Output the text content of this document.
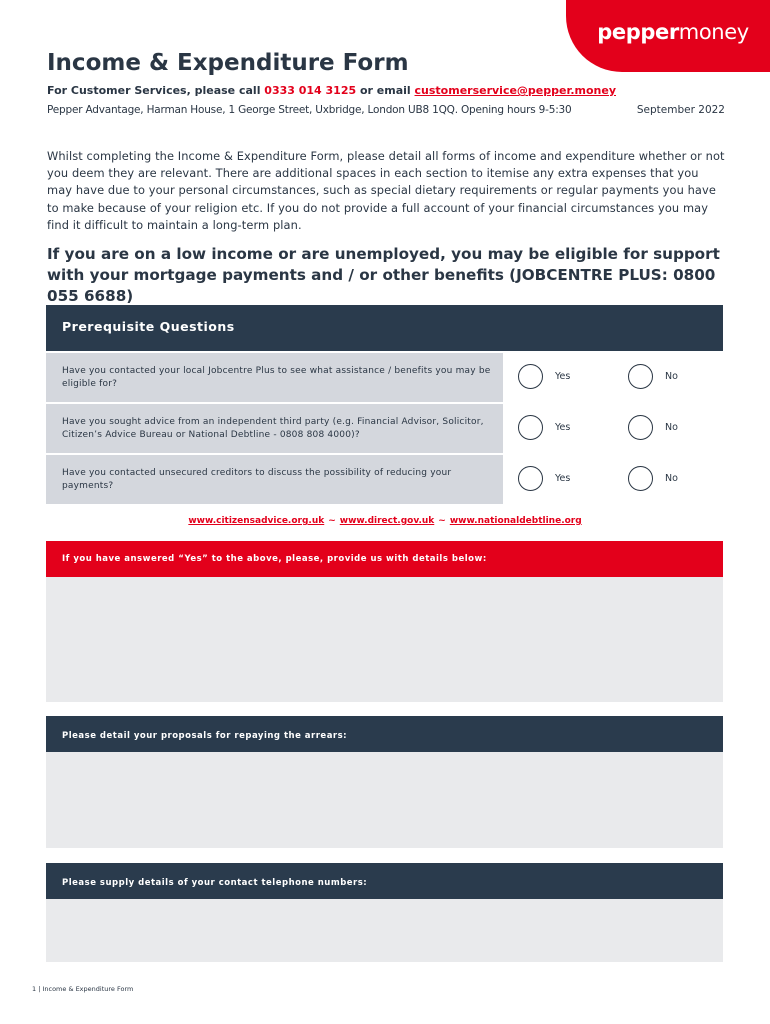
peppermoney
Income & Expenditure Form
For Customer Services, please call 0333 014 3125 or email customerservice@pepper.money
Pepper Advantage, Harman House, 1 George Street, Uxbridge, London UB8 1QQ. Opening hours 9-5:30	September 2022

Whilst completing the Income & Expenditure Form, please detail all forms of income and expenditure whether or not you deem they are relevant. There are additional spaces in each section to itemise any extra expenses that you may have due to your personal circumstances, such as special dietary requirements or regular payments you have to make because of your religion etc. If you do not provide a full account of your financial circumstances you may find it difficult to maintain a long-term plan.

If you are on a low income or are unemployed, you may be eligible for support with your mortgage payments and / or other benefits (JOBCENTRE PLUS: 0800 055 6688)

Prerequisite Questions
Have you contacted your local Jobcentre Plus to see what assistance / benefits you may be eligible for?
Yes	No
Have you sought advice from an independent third party (e.g. Financial Advisor, Solicitor, Citizen’s Advice Bureau or National Debtline - 0808 808 4000)?
Yes	No
Have you contacted unsecured creditors to discuss the possibility of reducing your payments?
Yes	No
www.citizensadvice.org.uk ~ www.direct.gov.uk ~ www.nationaldebtline.org
If you have answered “Yes” to the above, please, provide us with details below:
Please detail your proposals for repaying the arrears:
Please supply details of your contact telephone numbers:
1 | Income & Expenditure Form
